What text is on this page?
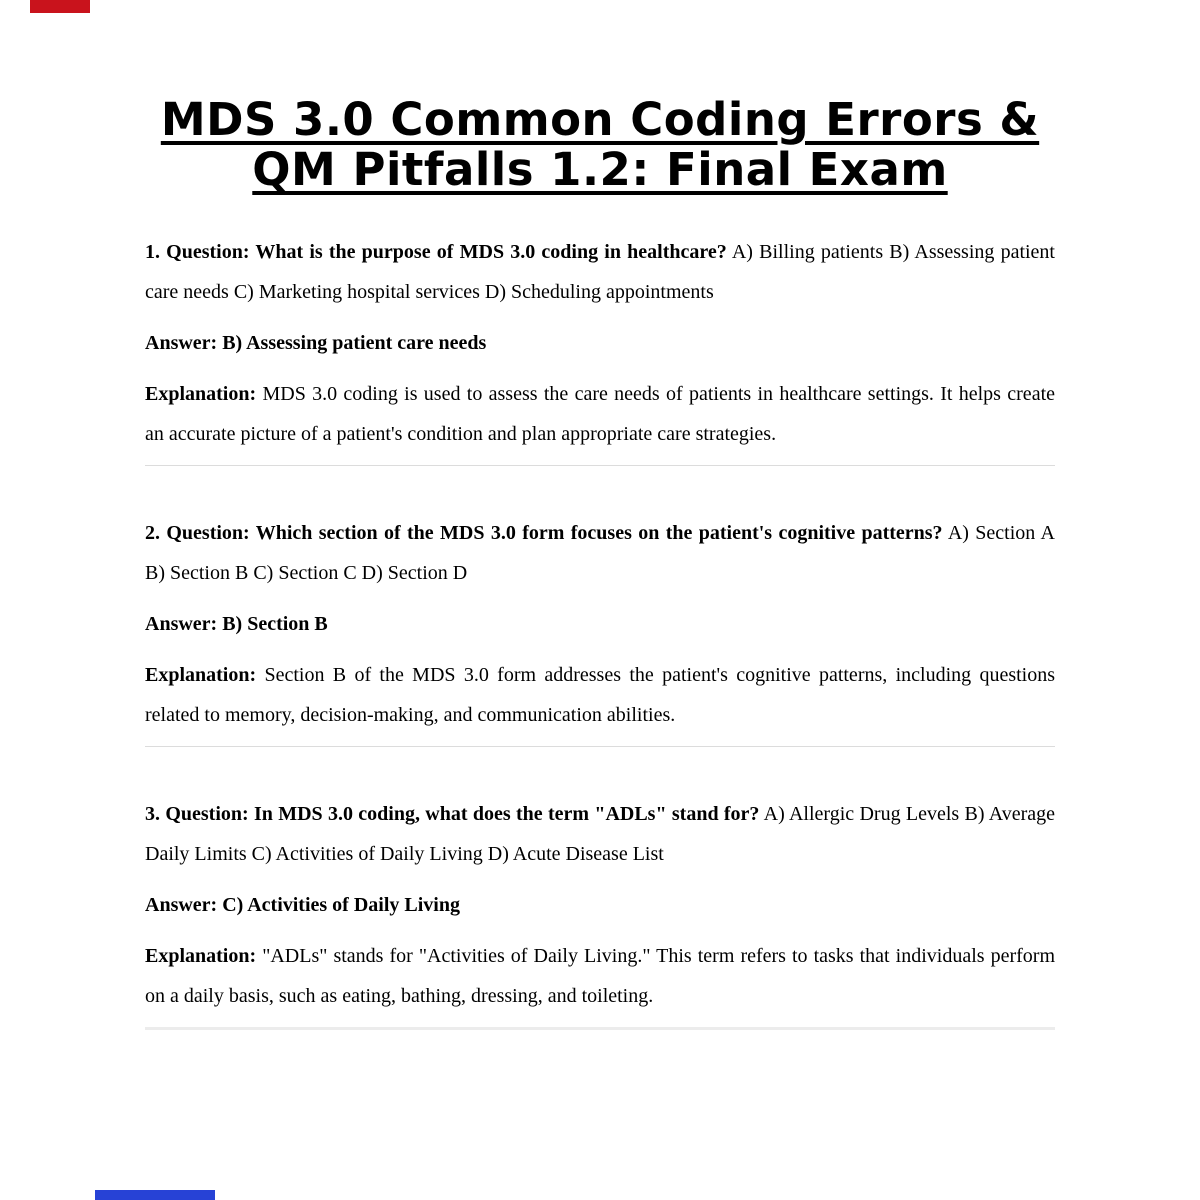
MDS 3.0 Common Coding Errors &
QM Pitfalls 1.2: Final Exam

1. Question: What is the purpose of MDS 3.0 coding in healthcare? A) Billing patients B) Assessing patient care needs C) Marketing hospital services D) Scheduling appointments

Answer: B) Assessing patient care needs

Explanation: MDS 3.0 coding is used to assess the care needs of patients in healthcare settings. It helps create an accurate picture of a patient's condition and plan appropriate care strategies.

2. Question: Which section of the MDS 3.0 form focuses on the patient's cognitive patterns? A) Section A B) Section B C) Section C D) Section D

Answer: B) Section B

Explanation: Section B of the MDS 3.0 form addresses the patient's cognitive patterns, including questions related to memory, decision-making, and communication abilities.

3. Question: In MDS 3.0 coding, what does the term "ADLs" stand for? A) Allergic Drug Levels B) Average Daily Limits C) Activities of Daily Living D) Acute Disease List

Answer: C) Activities of Daily Living

Explanation: "ADLs" stands for "Activities of Daily Living." This term refers to tasks that individuals perform on a daily basis, such as eating, bathing, dressing, and toileting.
